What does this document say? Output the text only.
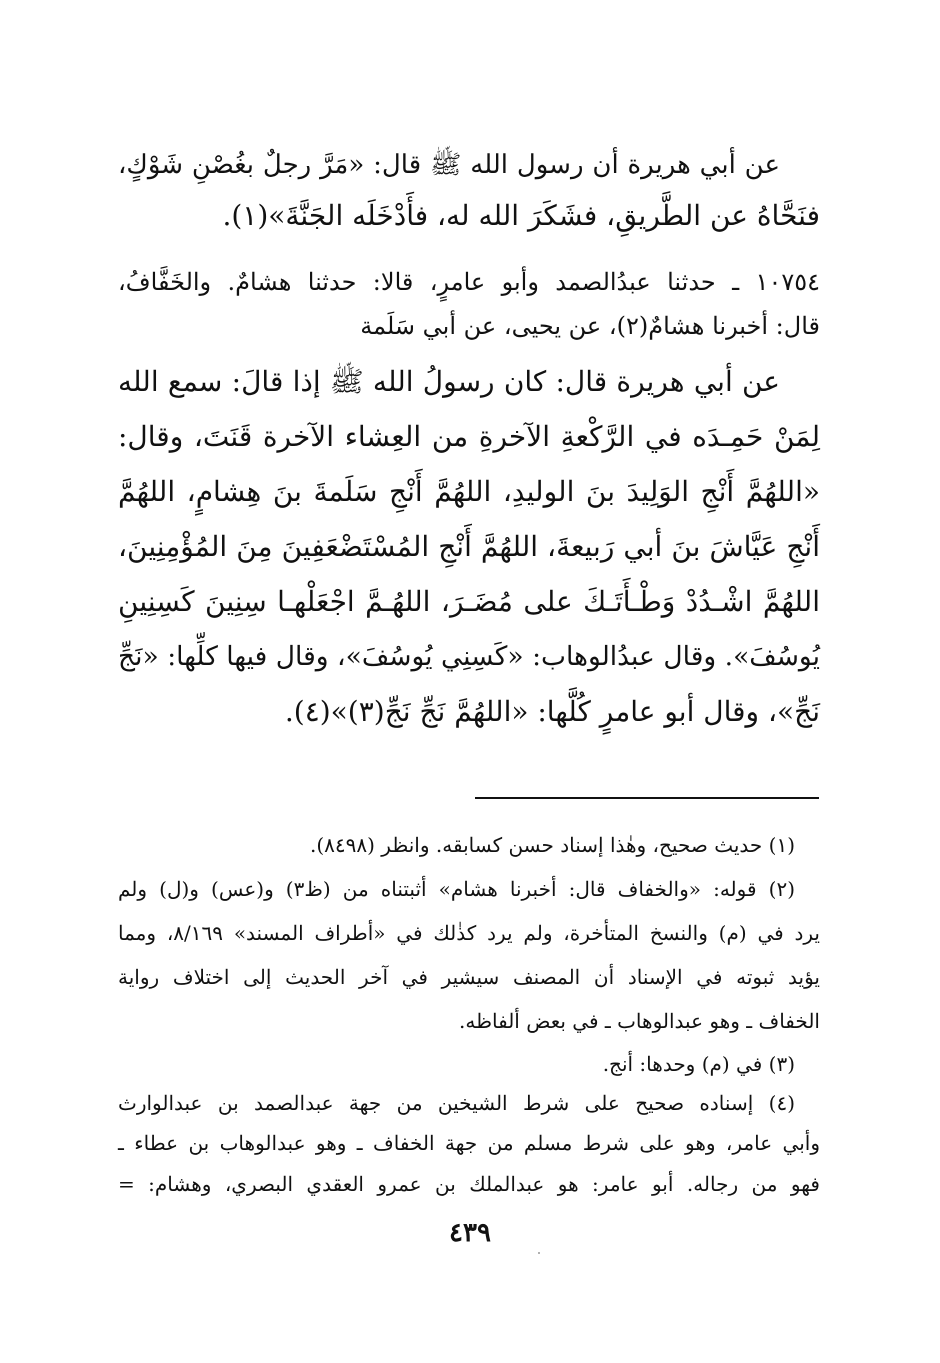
عن أبي هريرة أن رسول الله ﷺ قال: «مَرَّ رجلٌ بغُصْنِ شَوْكٍ،
فنَحَّاهُ عن الطَّريقِ، فشَكَرَ الله له، فأَدْخَلَه الجَنَّةَ»(١).
١٠٧٥٤ ـ حدثنا عبدُالصمد وأبو عامرٍ، قالا: حدثنا هشامٌ. والخَفَّافُ،
قال: أخبرنا هشامٌ(٢)، عن يحيى، عن أبي سَلَمة
عن أبي هريرة قال: كان رسولُ الله ﷺ إذا قالَ: سمع الله
لِمَنْ حَمِـدَه في الرَّكْعةِ الآخرةِ من العِشاء الآخرة قَنَتَ، وقال:
«اللهُمَّ أَنْجِ الوَلِيدَ بنَ الوليدِ، اللهُمَّ أَنْجِ سَلَمةَ بنَ هِشامٍ، اللهُمَّ
أَنْجِ عَيَّاشَ بنَ أبي رَبيعةَ، اللهُمَّ أَنْجِ المُسْتَضْعَفِينَ مِنَ المُؤْمِنِينَ،
اللهُمَّ اشْـدُدْ وَطْـأَتَـكَ على مُضَـرَ، اللهُـمَّ اجْعَلْهـا سِنِينَ كَسِنِينِ
يُوسُفَ». وقال عبدُالوهاب: «كَسِنِي يُوسُفَ»، وقال فيها كلِّها: «نَجِّ
نَجِّ»، وقال أبو عامرٍ كُلَّها: «اللهُمَّ نَجِّ نَجِّ(٣)»(٤).
(١) حديث صحيح، وهٰذا إسناد حسن كسابقه. وانظر (٨٤٩٨).
(٢) قوله: «والخفاف قال: أخبرنا هشام» أثبتناه من (ظ٣) و(عس) و(ل) ولم
يرد في (م) والنسخ المتأخرة، ولم يرد كذٰلك في «أطراف المسند» ٨/١٦٩، ومما
يؤيد ثبوته في الإسناد أن المصنف سيشير في آخر الحديث إلى اختلاف رواية
الخفاف ـ وهو عبدالوهاب ـ في بعض ألفاظه.
(٣) في (م) وحدها: أنج.
(٤) إسناده صحيح على شرط الشيخين من جهة عبدالصمد بن عبدالوارث
وأبي عامر، وهو على شرط مسلم من جهة الخفاف ـ وهو عبدالوهاب بن عطاء ـ
فهو من رجاله. أبو عامر: هو عبدالملك بن عمرو العقدي البصري، وهشام: =
٤٣٩
